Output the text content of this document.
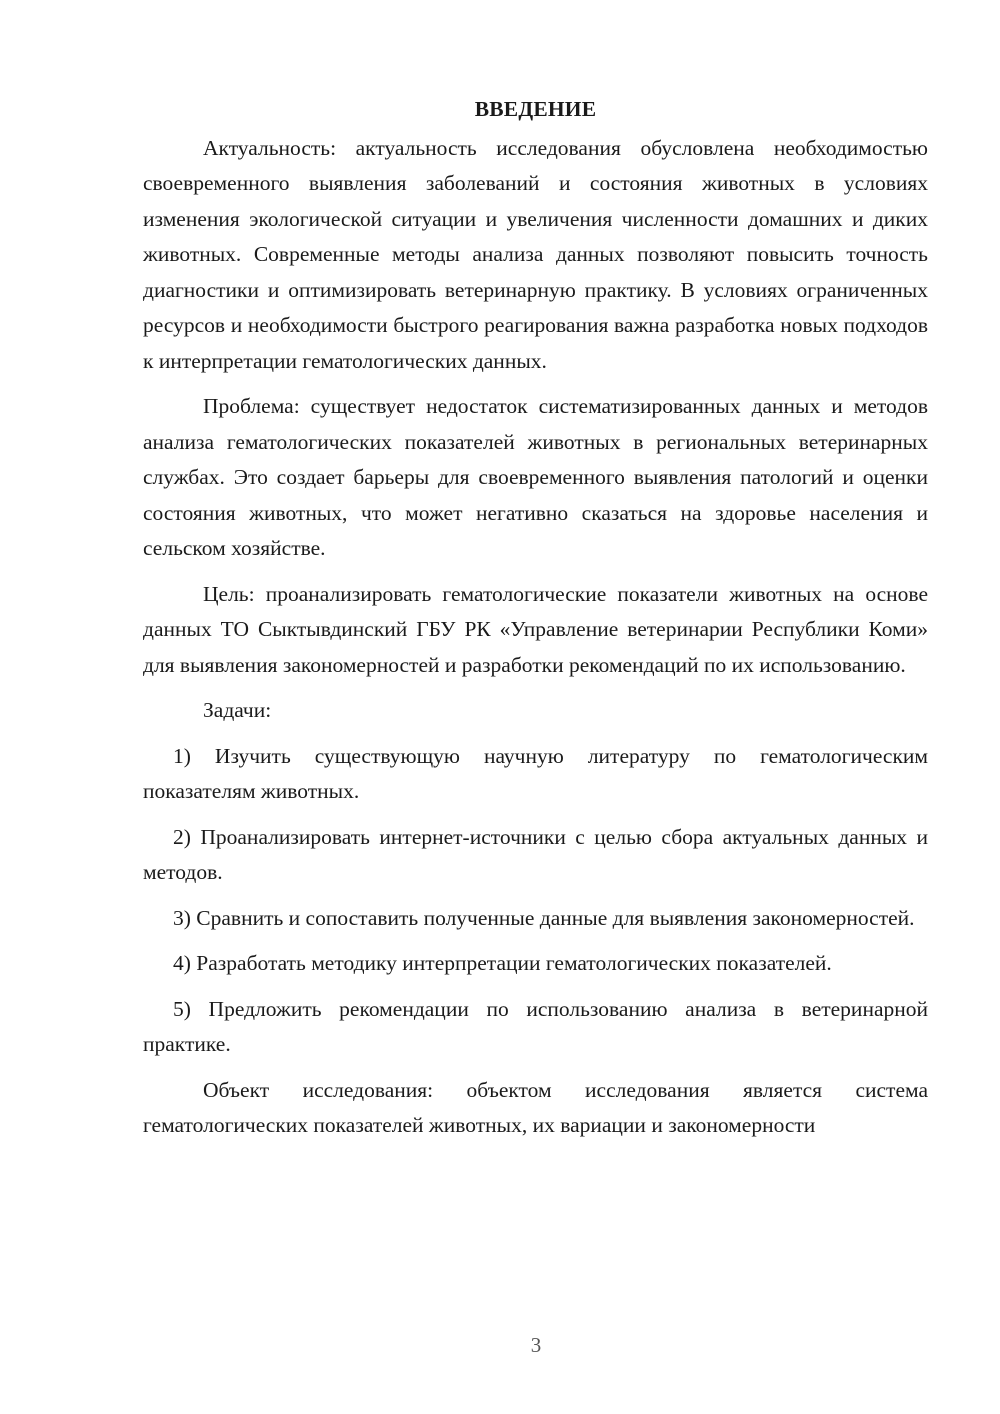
ВВЕДЕНИЕ

Актуальность: актуальность исследования обусловлена необходимостью своевременного выявления заболеваний и состояния животных в условиях изменения экологической ситуации и увеличения численности домашних и диких животных. Современные методы анализа данных позволяют повысить точность диагностики и оптимизировать ветеринарную практику. В условиях ограниченных ресурсов и необходимости быстрого реагирования важна разработка новых подходов к интерпретации гематологических данных.

Проблема: существует недостаток систематизированных данных и методов анализа гематологических показателей животных в региональных ветеринарных службах. Это создает барьеры для своевременного выявления патологий и оценки состояния животных, что может негативно сказаться на здоровье населения и сельском хозяйстве.

Цель: проанализировать гематологические показатели животных на основе данных ТО Сыктывдинский ГБУ РК «Управление ветеринарии Республики Коми» для выявления закономерностей и разработки рекомендаций по их использованию.

Задачи:

1) Изучить существующую научную литературу по гематологическим показателям животных.

2) Проанализировать интернет-источники с целью сбора актуальных данных и методов.

3) Сравнить и сопоставить полученные данные для выявления закономерностей.

4) Разработать методику интерпретации гематологических показателей.

5) Предложить рекомендации по использованию анализа в ветеринарной практике.

Объект исследования: объектом исследования является система гематологических показателей животных, их вариации и закономерности

3
